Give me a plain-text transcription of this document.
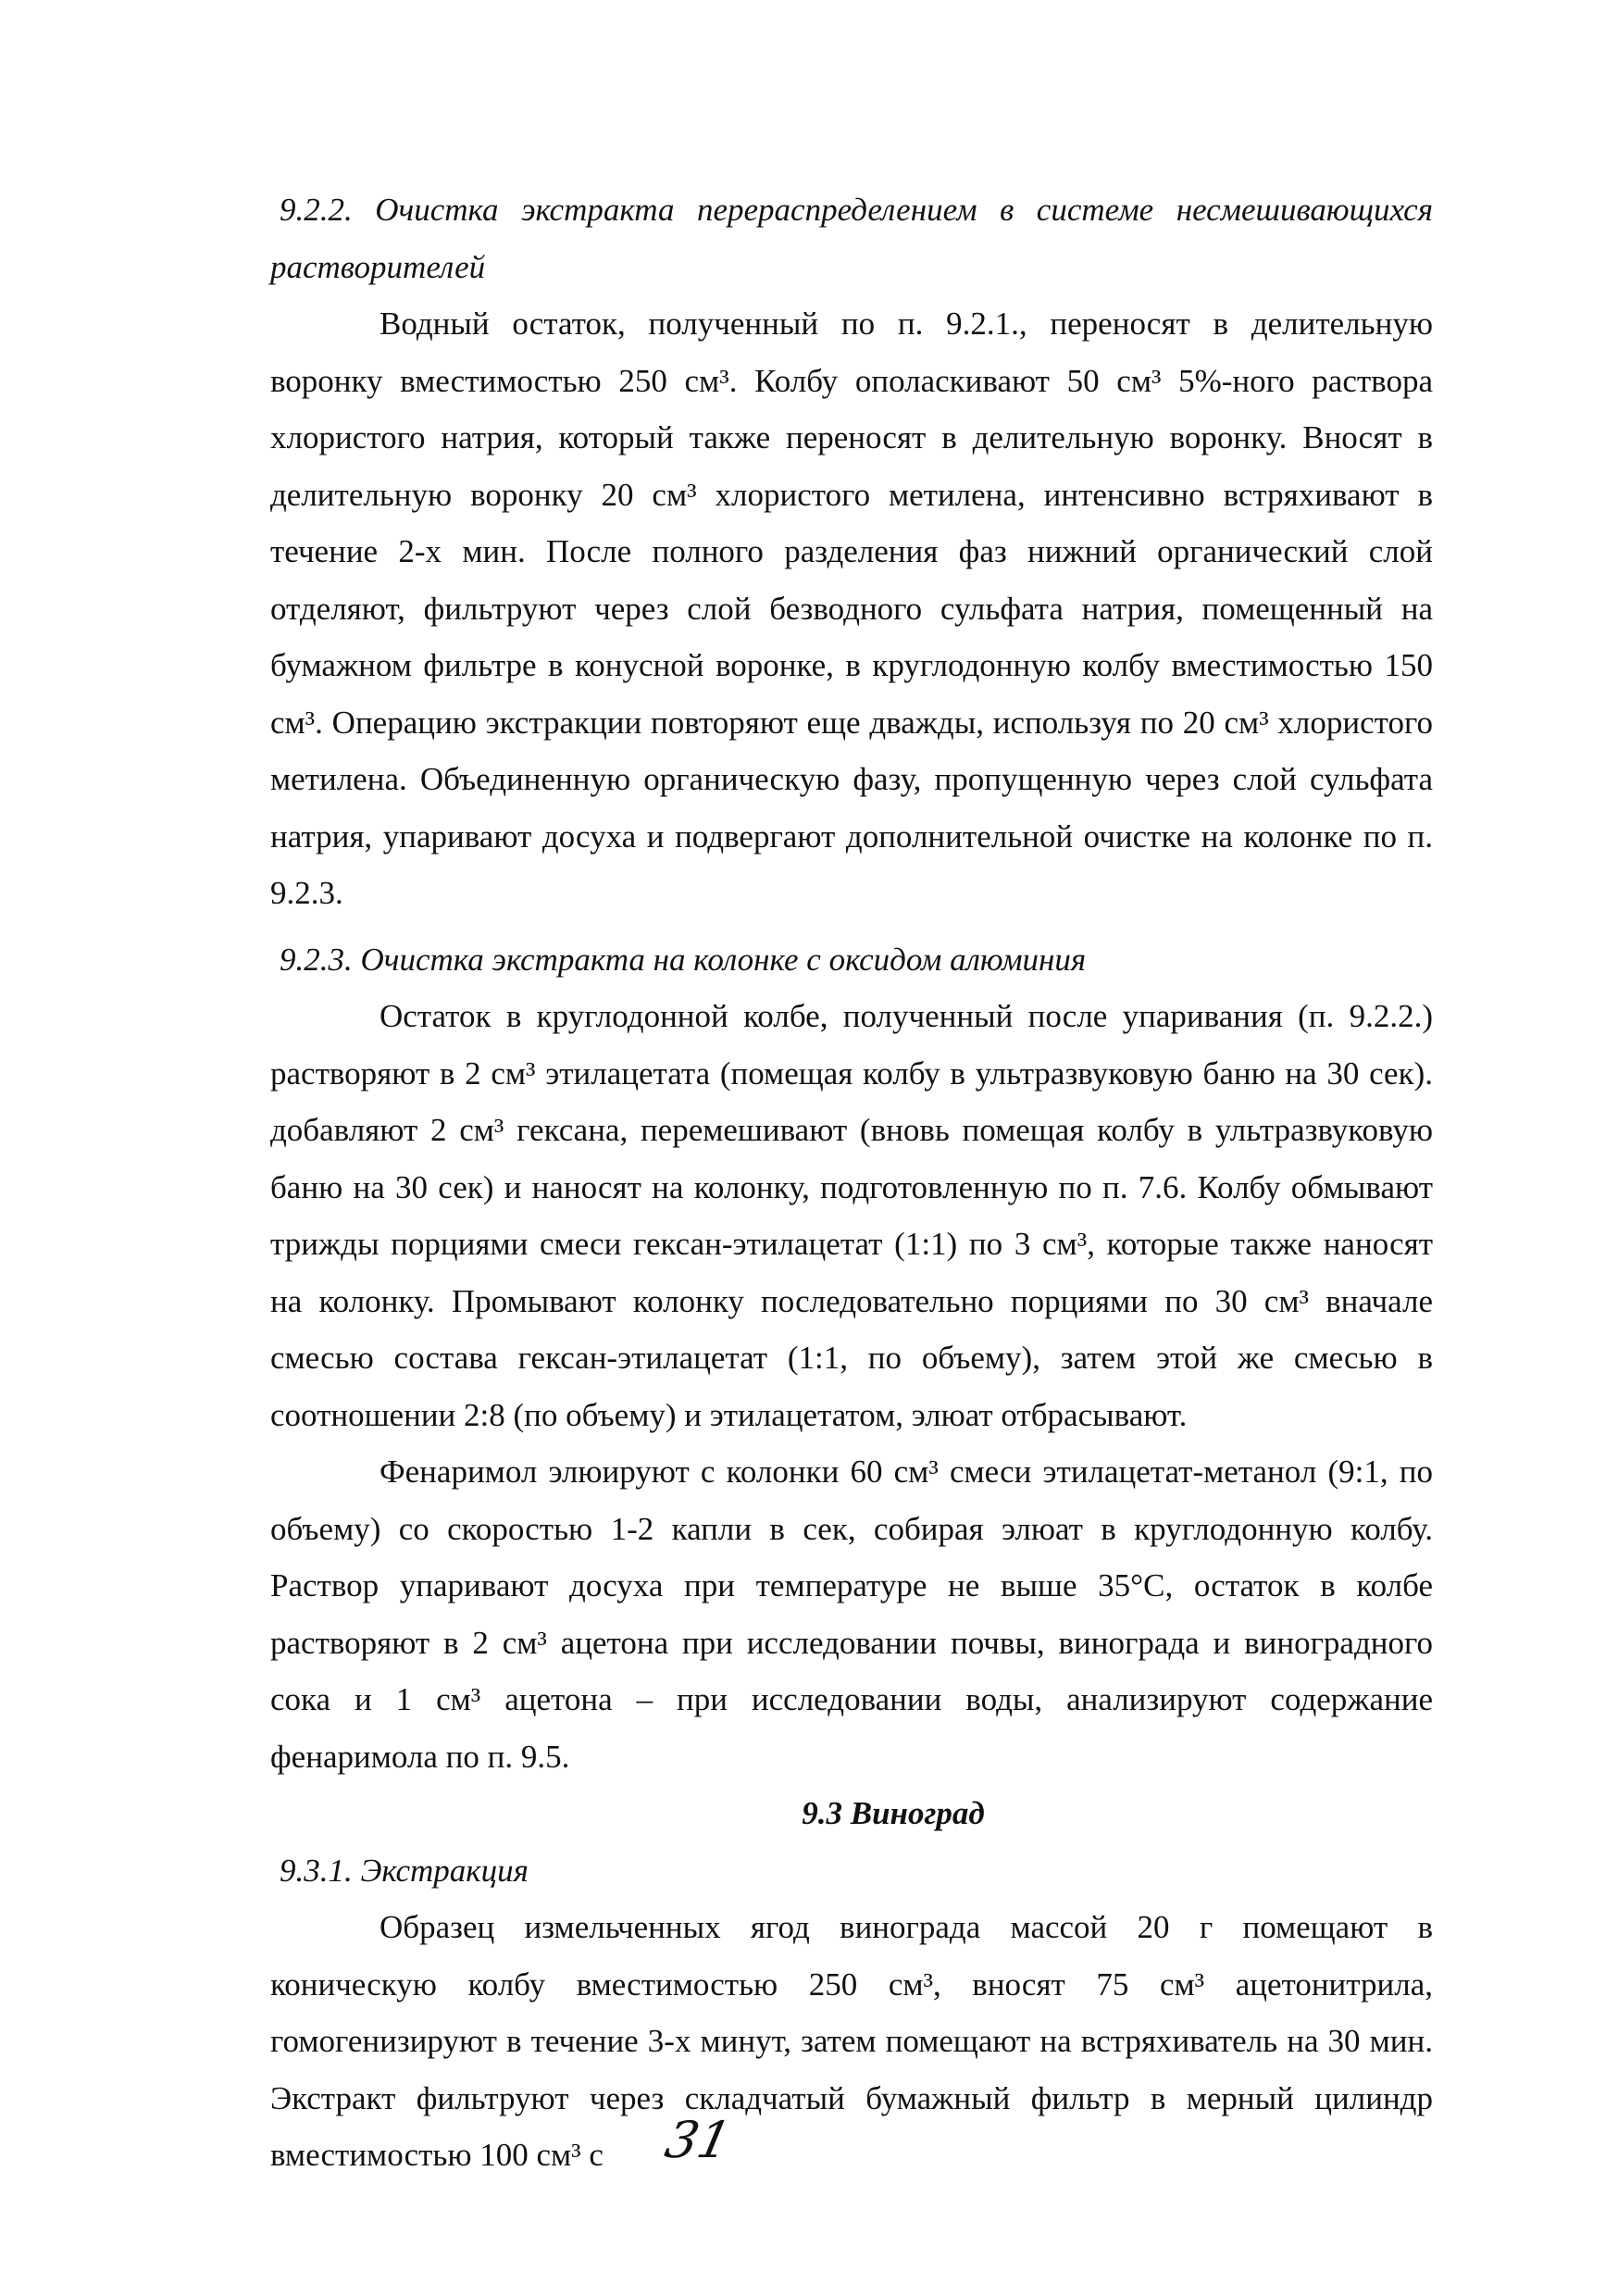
9.2.2. Очистка экстракта перераспределением в системе несмешивающихся растворителей

Водный остаток, полученный по п. 9.2.1., переносят в делительную воронку вместимостью 250 см³. Колбу ополаскивают 50 см³ 5%-ного раствора хлористого натрия, который также переносят в делительную воронку. Вносят в делительную воронку 20 см³ хлористого метилена, интенсивно встряхивают в течение 2-х мин. После полного разделения фаз нижний органический слой отделяют, фильтруют через слой безводного сульфата натрия, помещенный на бумажном фильтре в конусной воронке, в круглодонную колбу вместимостью 150 см³. Операцию экстракции повторяют еще дважды, используя по 20 см³ хлористого метилена. Объединенную органическую фазу, пропущенную через слой сульфата натрия, упаривают досуха и подвергают дополнительной очистке на колонке по п. 9.2.3.

9.2.3. Очистка экстракта на колонке с оксидом алюминия

Остаток в круглодонной колбе, полученный после упаривания (п. 9.2.2.) растворяют в 2 см³ этилацетата (помещая колбу в ультразвуковую баню на 30 сек). добавляют 2 см³ гексана, перемешивают (вновь помещая колбу в ультразвуковую баню на 30 сек) и наносят на колонку, подготовленную по п. 7.6. Колбу обмывают трижды порциями смеси гексан-этилацетат (1:1) по 3 см³, которые также наносят на колонку. Промывают колонку последовательно порциями по 30 см³ вначале смесью состава гексан-этилацетат (1:1, по объему), затем этой же смесью в соотношении 2:8 (по объему) и этилацетатом, элюат отбрасывают.

Фенаримол элюируют с колонки 60 см³ смеси этилацетат-метанол (9:1, по объему) со скоростью 1-2 капли в сек, собирая элюат в круглодонную колбу. Раствор упаривают досуха при температуре не выше 35°С, остаток в колбе растворяют в 2 см³ ацетона при исследовании почвы, винограда и виноградного сока и 1 см³ ацетона – при исследовании воды, анализируют содержание фенаримола по п. 9.5.

9.3 Виноград

9.3.1. Экстракция

Образец измельченных ягод винограда массой 20 г помещают в коническую колбу вместимостью 250 см³, вносят 75 см³ ацетонитрила, гомогенизируют в течение 3-х минут, затем помещают на встряхиватель на 30 мин. Экстракт фильтруют через складчатый бумажный фильтр в мерный цилиндр вместимостью 100 см³ с	31
